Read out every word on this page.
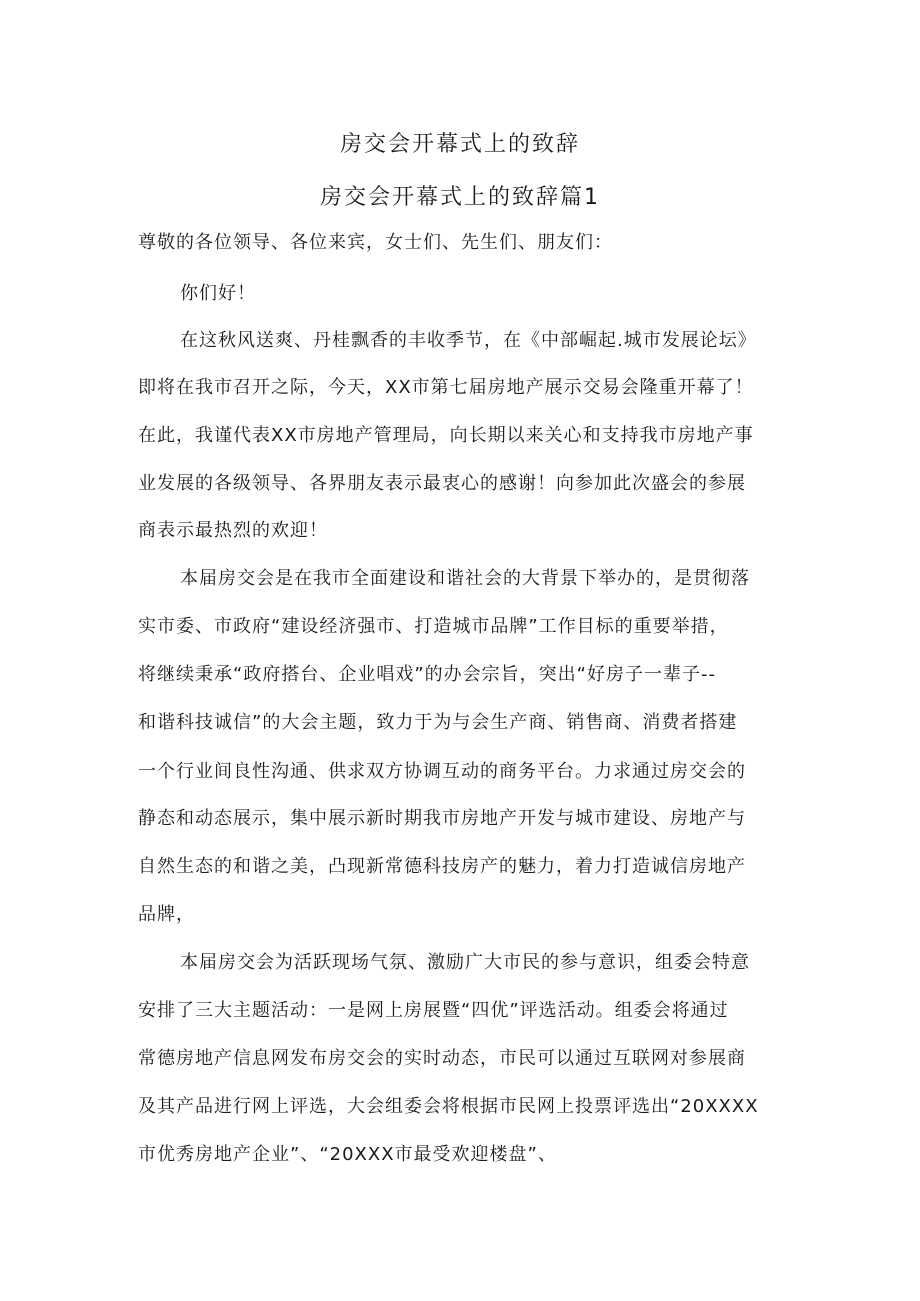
房交会开幕式上的致辞
房交会开幕式上的致辞篇1

尊敬的各位领导、各位来宾，女士们、先生们、朋友们：

你们好！

在这秋风送爽、丹桂飘香的丰收季节，在《中部崛起.城市发展论坛》

即将在我市召开之际，今天，XX市第七届房地产展示交易会隆重开幕了！

在此，我谨代表XX市房地产管理局，向长期以来关心和支持我市房地产事

业发展的各级领导、各界朋友表示最衷心的感谢！向参加此次盛会的参展

商表示最热烈的欢迎！

本届房交会是在我市全面建设和谐社会的大背景下举办的，是贯彻落

实市委、市政府“建设经济强市、打造城市品牌”工作目标的重要举措，

将继续秉承“政府搭台、企业唱戏”的办会宗旨，突出“好房子一辈子--

和谐科技诚信”的大会主题，致力于为与会生产商、销售商、消费者搭建

一个行业间良性沟通、供求双方协调互动的商务平台。力求通过房交会的

静态和动态展示，集中展示新时期我市房地产开发与城市建设、房地产与

自然生态的和谐之美，凸现新常德科技房产的魅力，着力打造诚信房地产

品牌，

本届房交会为活跃现场气氛、激励广大市民的参与意识，组委会特意

安排了三大主题活动：一是网上房展暨“四优”评选活动。组委会将通过

常德房地产信息网发布房交会的实时动态，市民可以通过互联网对参展商

及其产品进行网上评选，大会组委会将根据市民网上投票评选出“20XXXX

市优秀房地产企业”、“20XXX市最受欢迎楼盘”、
